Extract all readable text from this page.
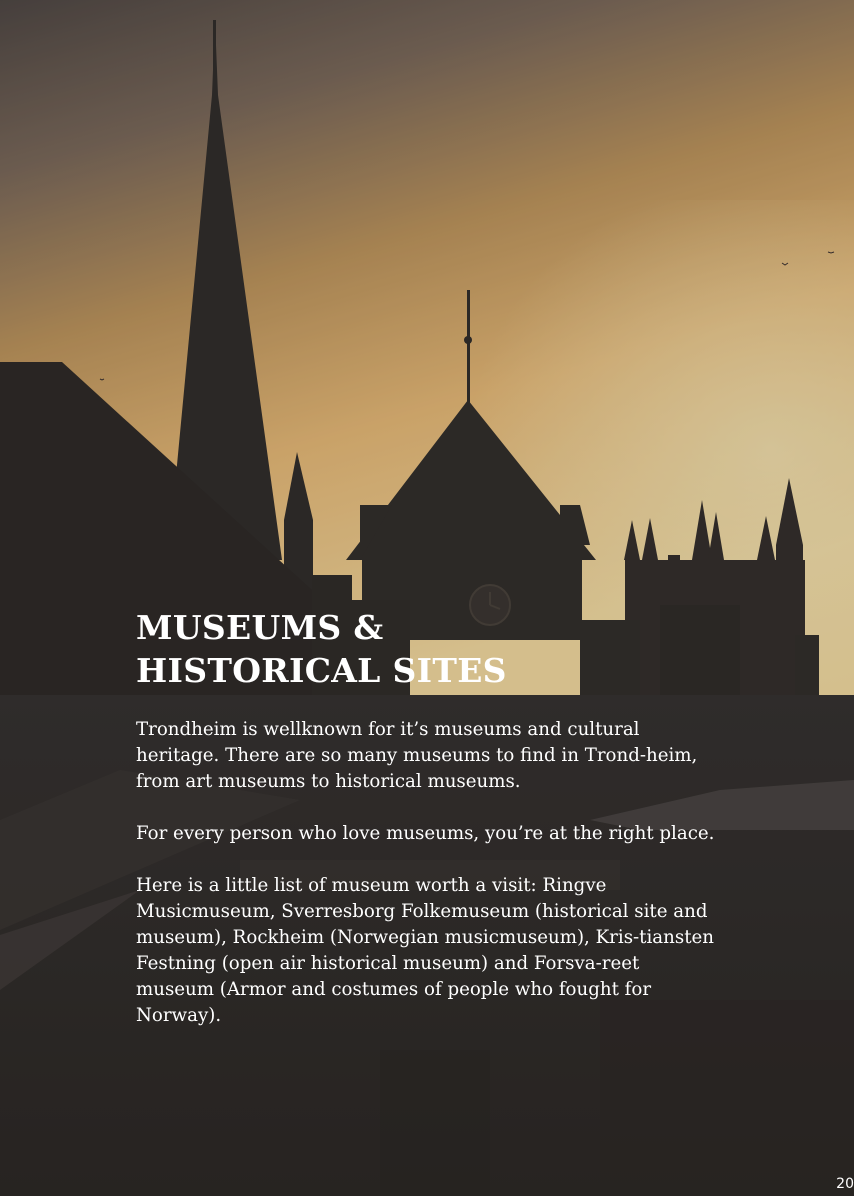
MUSEUMS &
HISTORICAL SITES

Trondheim is wellknown for it’s museums and cultural heritage. There are so many museums to find in Trond-heim, from art museums to historical museums.

For every person who love museums, you’re at the right place.

Here is a little list of museum worth a visit: Ringve Musicmuseum, Sverresborg Folkemuseum (historical site and museum), Rockheim (Norwegian musicmuseum), Kris-tiansten Festning (open air historical museum) and Forsva-reet museum (Armor and costumes of people who fought for Norway).

20
